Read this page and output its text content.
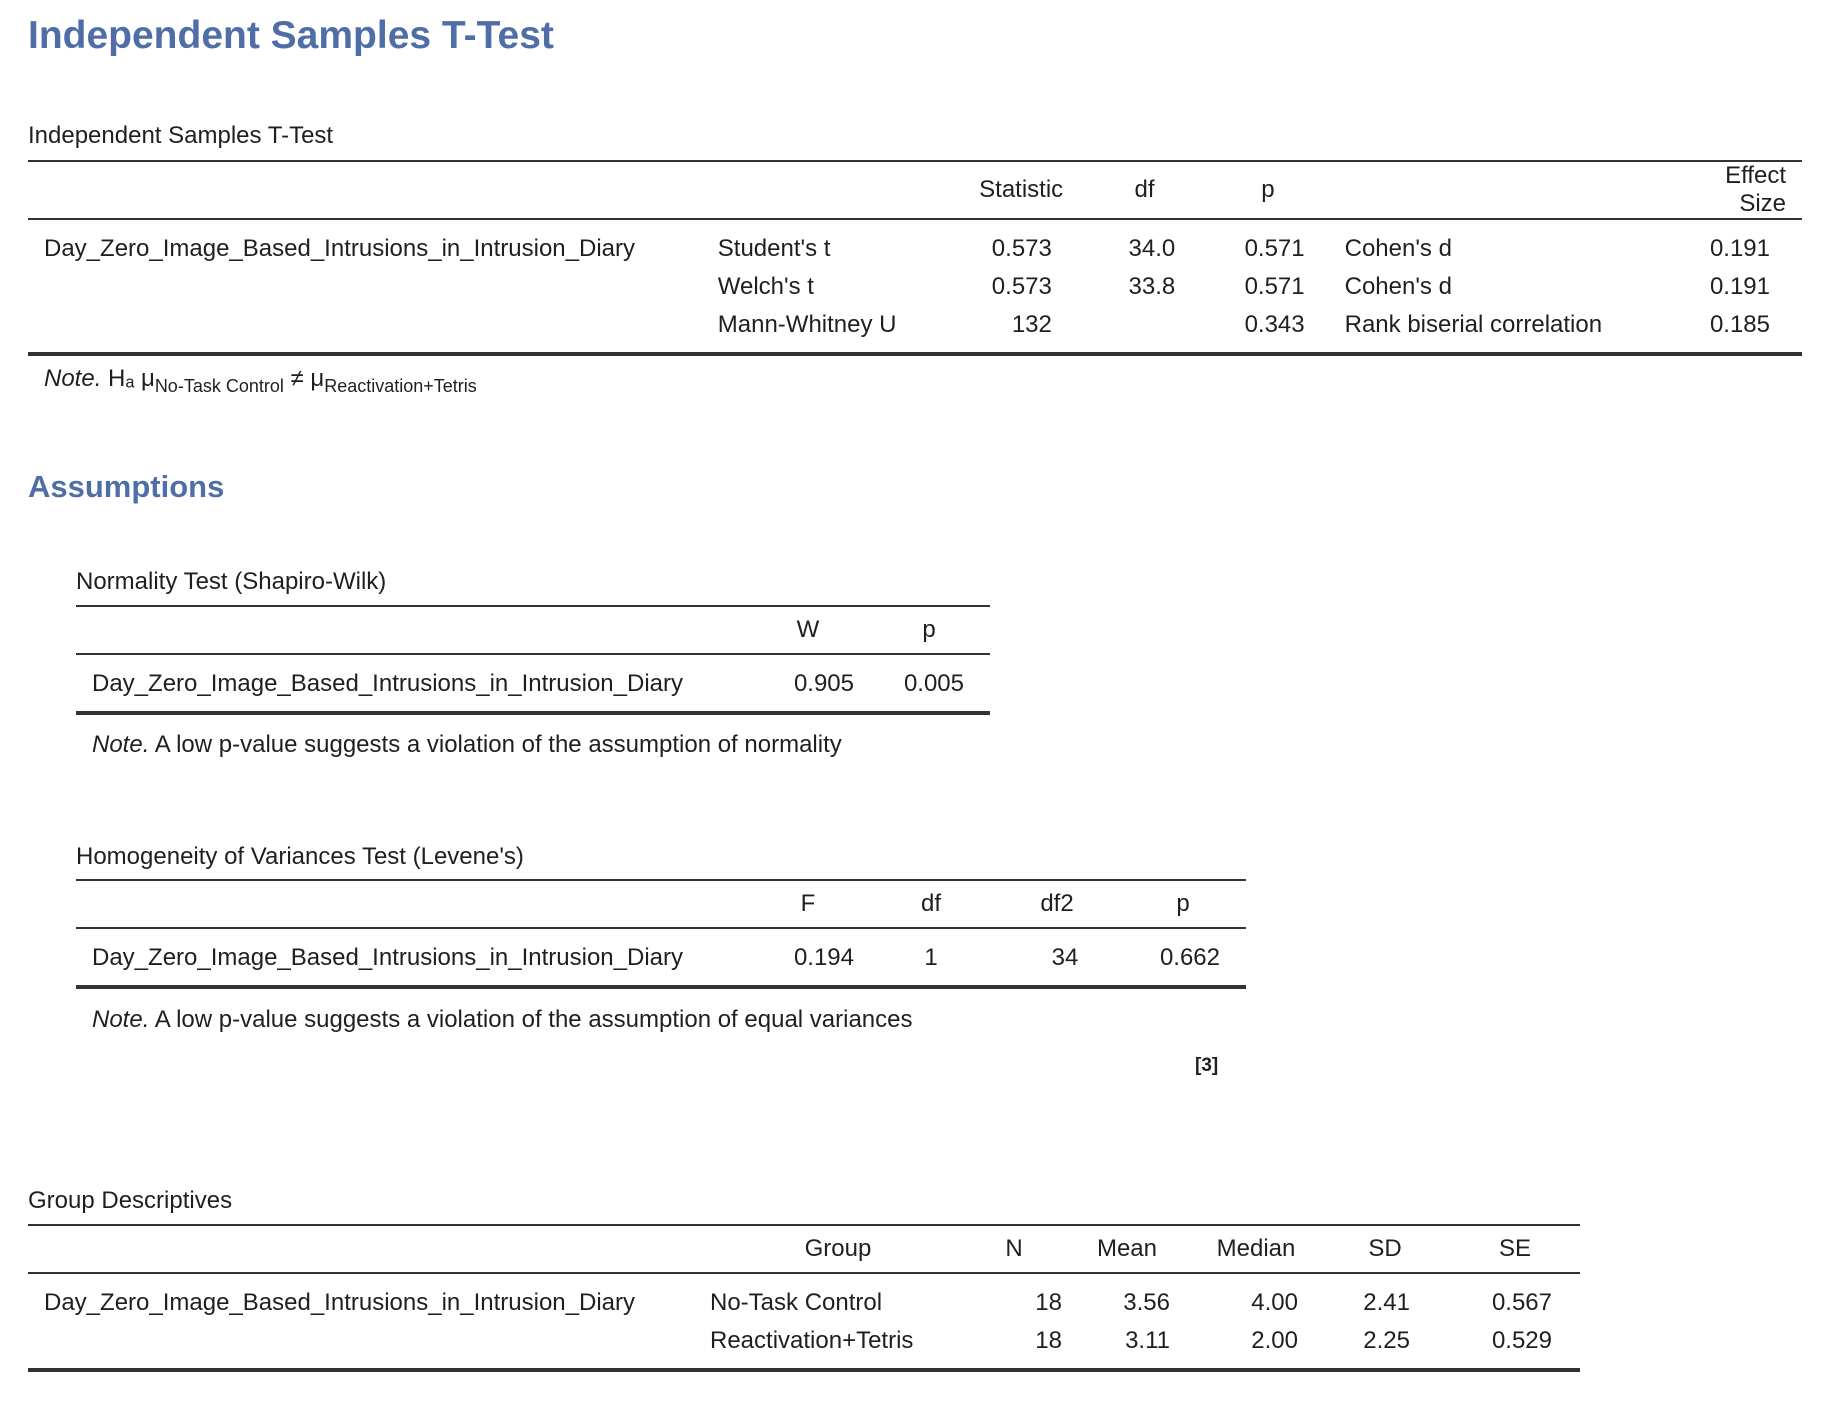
Independent Samples T-Test
Independent Samples T-Test
		Statistic	df	p		Effect Size
Day_Zero_Image_Based_Intrusions_in_Intrusion_Diary	Student's t	0.573	34.0	0.571	Cohen's d	0.191
	Welch's t	0.573	33.8	0.571	Cohen's d	0.191
	Mann-Whitney U	132		0.343	Rank biserial correlation	0.185
Note. Hₐ $\mu_{No-Task Control} \ne \mu_{Reactivation+Tetris}$
Assumptions
Normality Test (Shapiro-Wilk)
	W	p
Day_Zero_Image_Based_Intrusions_in_Intrusion_Diary	0.905	0.005
Note. A low p-value suggests a violation of the assumption of normality
Homogeneity of Variances Test (Levene's)
	F	df	df2	p
Day_Zero_Image_Based_Intrusions_in_Intrusion_Diary	0.194	1	34	0.662
Note. A low p-value suggests a violation of the assumption of equal variances
[3]
Group Descriptives
	Group	N	Mean	Median	SD	SE
Day_Zero_Image_Based_Intrusions_in_Intrusion_Diary	No-Task Control	18	3.56	4.00	2.41	0.567
	Reactivation+Tetris	18	3.11	2.00	2.25	0.529
